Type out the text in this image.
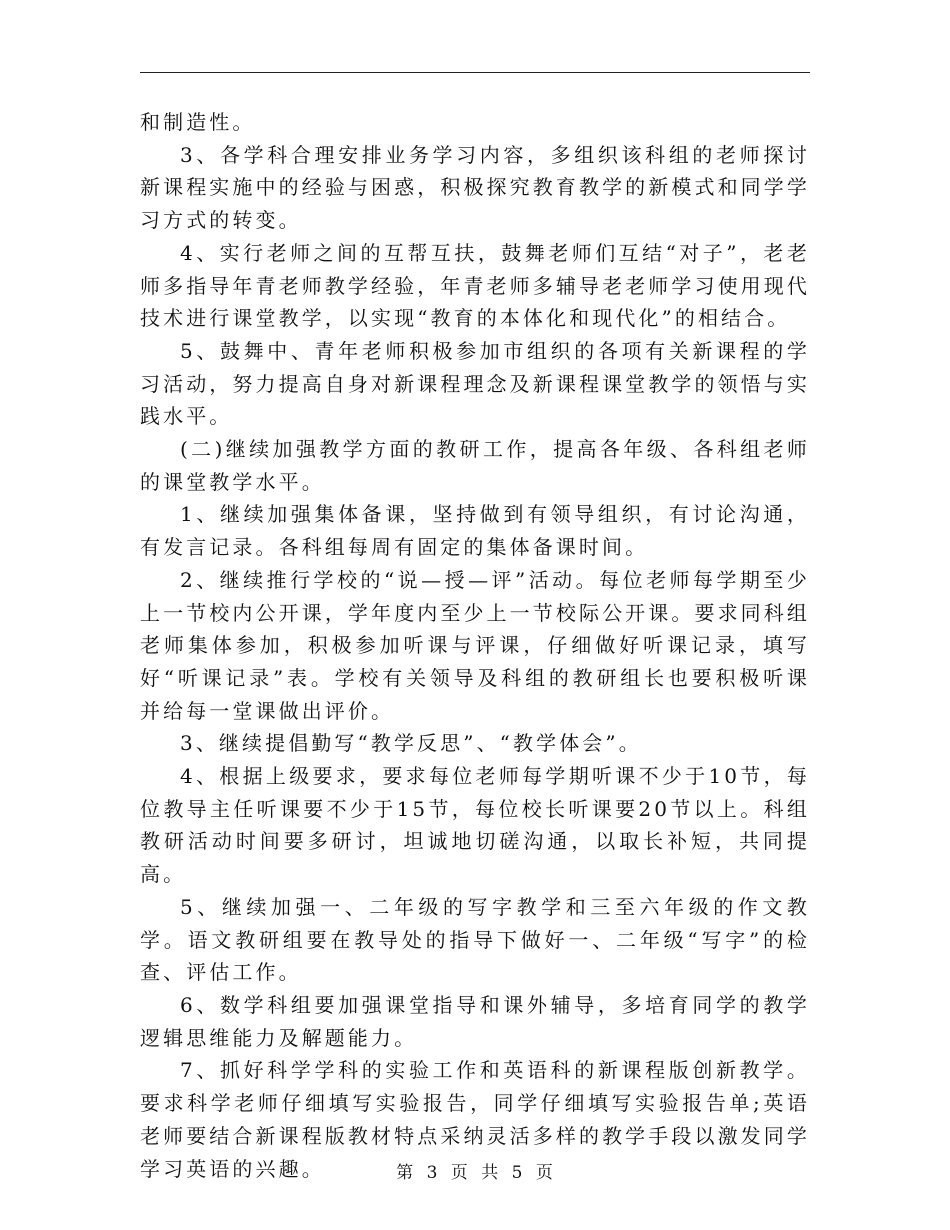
和制造性。

3、各学科合理安排业务学习内容，多组织该科组的老师探讨新课程实施中的经验与困惑，积极探究教育教学的新模式和同学学习方式的转变。

4、实行老师之间的互帮互扶，鼓舞老师们互结“对子”，老老师多指导年青老师教学经验，年青老师多辅导老老师学习使用现代技术进行课堂教学，以实现“教育的本体化和现代化”的相结合。

5、鼓舞中、青年老师积极参加市组织的各项有关新课程的学习活动，努力提高自身对新课程理念及新课程课堂教学的领悟与实践水平。

(二)继续加强教学方面的教研工作，提高各年级、各科组老师的课堂教学水平。

1、继续加强集体备课，坚持做到有领导组织，有讨论沟通，有发言记录。各科组每周有固定的集体备课时间。

2、继续推行学校的“说—授—评”活动。每位老师每学期至少上一节校内公开课，学年度内至少上一节校际公开课。要求同科组老师集体参加，积极参加听课与评课，仔细做好听课记录，填写好“听课记录”表。学校有关领导及科组的教研组长也要积极听课并给每一堂课做出评价。

3、继续提倡勤写“教学反思”、“教学体会”。

4、根据上级要求，要求每位老师每学期听课不少于10节，每位教导主任听课要不少于15节，每位校长听课要20节以上。科组教研活动时间要多研讨，坦诚地切磋沟通，以取长补短，共同提高。

5、继续加强一、二年级的写字教学和三至六年级的作文教学。语文教研组要在教导处的指导下做好一、二年级“写字”的检查、评估工作。

6、数学科组要加强课堂指导和课外辅导，多培育同学的教学逻辑思维能力及解题能力。

7、抓好科学学科的实验工作和英语科的新课程版创新教学。要求科学老师仔细填写实验报告，同学仔细填写实验报告单;英语老师要结合新课程版教材特点采纳灵活多样的教学手段以激发同学学习英语的兴趣。	第 3 页 共 5 页
